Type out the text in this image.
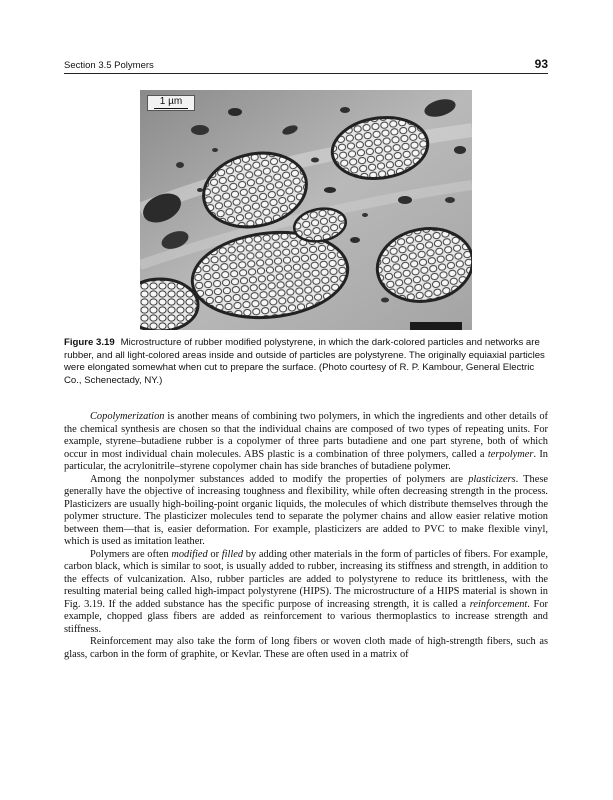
Section 3.5 Polymers	93
1 µm

Figure 3.19 Microstructure of rubber modified polystyrene, in which the dark-colored particles and networks are rubber, and all light-colored areas inside and outside of particles are polystyrene. The originally equiaxial particles were elongated somewhat when cut to prepare the surface. (Photo courtesy of R. P. Kambour, General Electric Co., Schenectady, NY.)

Copolymerization is another means of combining two polymers, in which the ingredients and other details of the chemical synthesis are chosen so that the individual chains are composed of two types of repeating units. For example, styrene–butadiene rubber is a copolymer of three parts butadiene and one part styrene, both of which occur in most individual chain molecules. ABS plastic is a combination of three polymers, called a terpolymer. In particular, the acrylonitrile–styrene copolymer chain has side branches of butadiene polymer.

Among the nonpolymer substances added to modify the properties of polymers are plasticizers. These generally have the objective of increasing toughness and flexibility, while often decreasing strength in the process. Plasticizers are usually high-boiling-point organic liquids, the molecules of which distribute themselves through the polymer structure. The plasticizer molecules tend to separate the polymer chains and allow easier relative motion between them—that is, easier deformation. For example, plasticizers are added to PVC to make flexible vinyl, which is used as imitation leather.

Polymers are often modified or filled by adding other materials in the form of particles of fibers. For example, carbon black, which is similar to soot, is usually added to rubber, increasing its stiffness and strength, in addition to the effects of vulcanization. Also, rubber particles are added to polystyrene to reduce its brittleness, with the resulting material being called high-impact polystyrene (HIPS). The microstructure of a HIPS material is shown in Fig. 3.19. If the added substance has the specific purpose of increasing strength, it is called a reinforcement. For example, chopped glass fibers are added as reinforcement to various thermoplastics to increase strength and stiffness.

Reinforcement may also take the form of long fibers or woven cloth made of high-strength fibers, such as glass, carbon in the form of graphite, or Kevlar. These are often used in a matrix of
